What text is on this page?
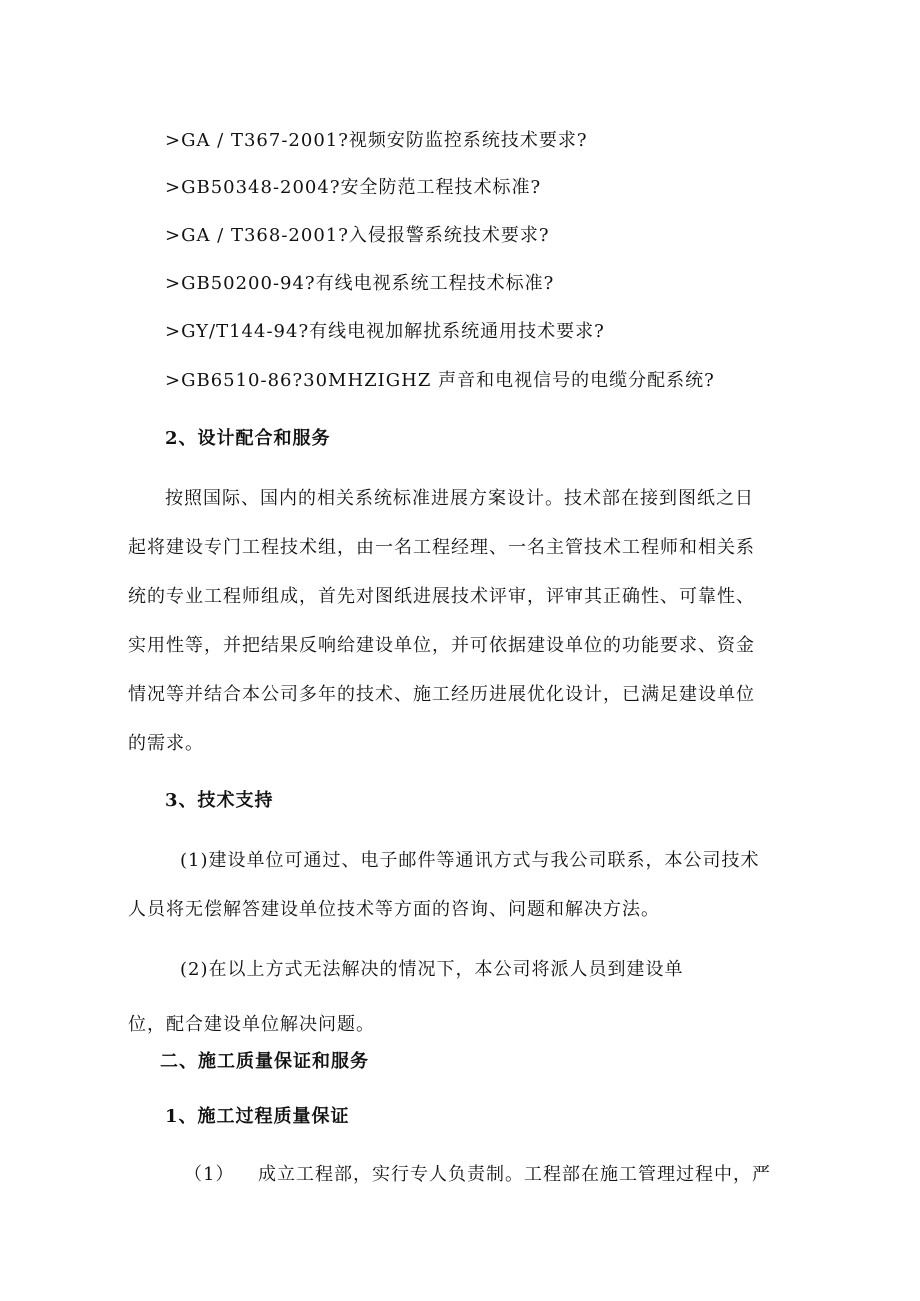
>GA / T367-2001?视频安防监控系统技术要求?
>GB50348-2004?安全防范工程技术标准?
>GA / T368-2001?入侵报警系统技术要求?
>GB50200-94?有线电视系统工程技术标准?
>GY/T144-94?有线电视加解扰系统通用技术要求?
>GB6510-86?30MHZIGHZ 声音和电视信号的电缆分配系统?
2、设计配合和服务
按照国际、国内的相关系统标准进展方案设计。技术部在接到图纸之日
起将建设专门工程技术组，由一名工程经理、一名主管技术工程师和相关系
统的专业工程师组成，首先对图纸进展技术评审，评审其正确性、可靠性、
实用性等，并把结果反响给建设单位，并可依据建设单位的功能要求、资金
情况等并结合本公司多年的技术、施工经历进展优化设计，已满足建设单位
的需求。
3、技术支持
(1)建设单位可通过、电子邮件等通讯方式与我公司联系，本公司技术
人员将无偿解答建设单位技术等方面的咨询、问题和解决方法。
(2)在以上方式无法解决的情况下，本公司将派人员到建设单
位，配合建设单位解决问题。
二、施工质量保证和服务
1、施工过程质量保证
（1） 成立工程部，实行专人负责制。工程部在施工管理过程中，严
